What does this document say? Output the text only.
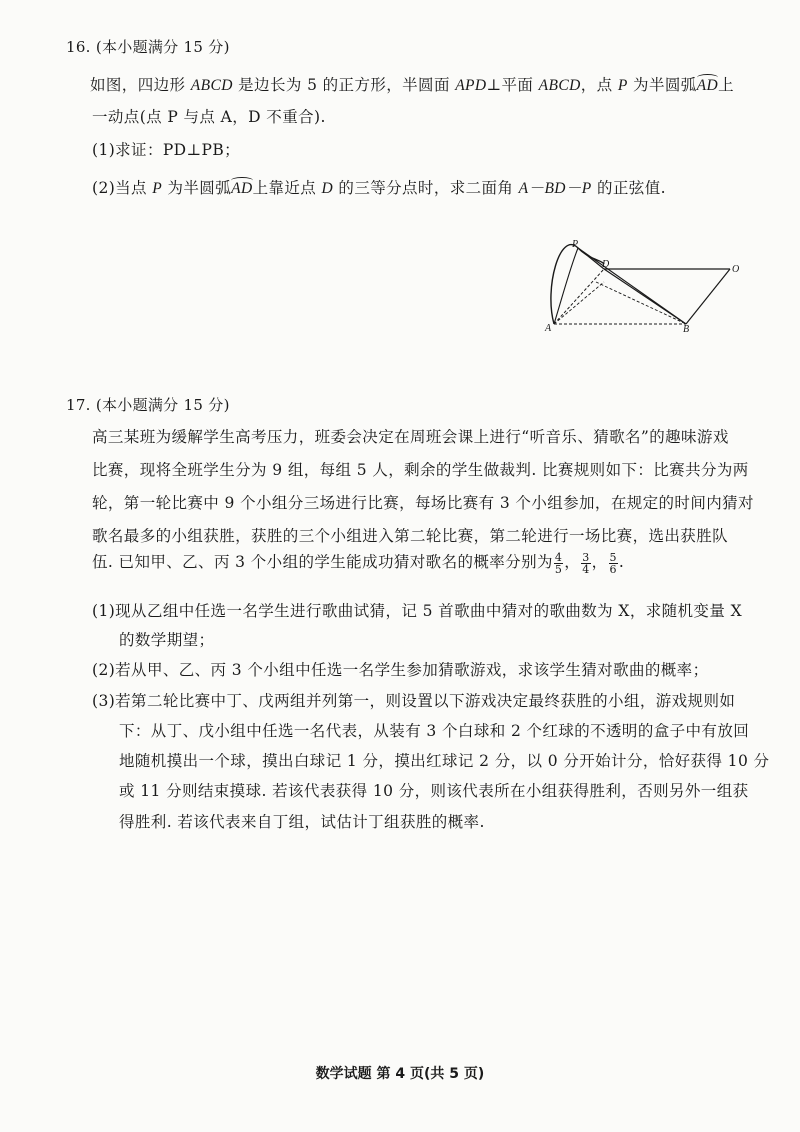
16. (本小题满分 15 分)
如图，四边形 ABCD 是边长为 5 的正方形，半圆面 APD⊥平面 ABCD，点 P 为半圆弧AD上
一动点(点 P 与点 A，D 不重合).
(1)求证：PD⊥PB；
(2)当点 P 为半圆弧AD上靠近点 D 的三等分点时，求二面角 A－BD－P 的正弦值.
P
D	O
A	B
17. (本小题满分 15 分)
高三某班为缓解学生高考压力，班委会决定在周班会课上进行“听音乐、猜歌名”的趣味游戏
比赛，现将全班学生分为 9 组，每组 5 人，剩余的学生做裁判. 比赛规则如下：比赛共分为两
轮，第一轮比赛中 9 个小组分三场进行比赛，每场比赛有 3 个小组参加，在规定的时间内猜对
歌名最多的小组获胜，获胜的三个小组进入第二轮比赛，第二轮进行一场比赛，选出获胜队
伍. 已知甲、乙、丙 3 个小组的学生能成功猜对歌名的概率分别为 $\frac{4}{5}$ ， $\frac{3}{4}$ ， $\frac{5}{6}$ .
(1)现从乙组中任选一名学生进行歌曲试猜，记 5 首歌曲中猜对的歌曲数为 X，求随机变量 X
的数学期望；
(2)若从甲、乙、丙 3 个小组中任选一名学生参加猜歌游戏，求该学生猜对歌曲的概率；
(3)若第二轮比赛中丁、戊两组并列第一，则设置以下游戏决定最终获胜的小组，游戏规则如
下：从丁、戊小组中任选一名代表，从装有 3 个白球和 2 个红球的不透明的盒子中有放回
地随机摸出一个球，摸出白球记 1 分，摸出红球记 2 分，以 0 分开始计分，恰好获得 10 分
或 11 分则结束摸球. 若该代表获得 10 分，则该代表所在小组获得胜利，否则另外一组获
得胜利. 若该代表来自丁组，试估计丁组获胜的概率.
数学试题 第 4 页(共 5 页)
